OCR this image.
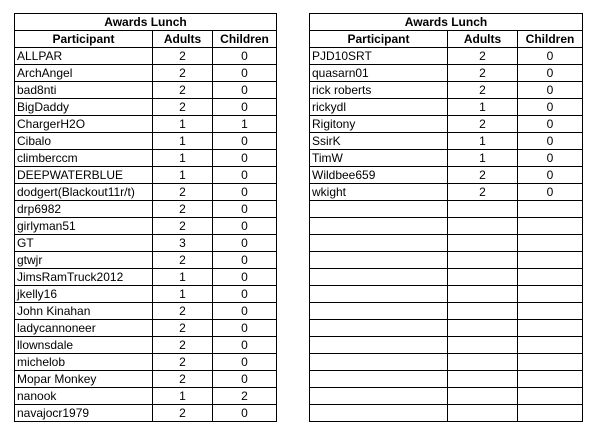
Awards Lunch		
Participant	Adults	Children
ALLPAR	2	0
ArchAngel	2	0
bad8nti	2	0
BigDaddy	2	0
ChargerH2O	1	1
Cibalo	1	0
climberccm	1	0
DEEPWATERBLUE	1	0
dodgert(Blackout11r/t)	2	0
drp6982	2	0
girlyman51	2	0
GT	3	0
gtwjr	2	0
JimsRamTruck2012	1	0
jkelly16	1	0
John Kinahan	2	0
ladycannoneer	2	0
llownsdale	2	0
michelob	2	0
Mopar Monkey	2	0
nanook	1	2
navajocr1979	2	0
Awards Lunch		
Participant	Adults	Children
PJD10SRT	2	0
quasarn01	2	0
rick roberts	2	0
rickydl	1	0
Rigitony	2	0
SsirK	1	0
TimW	1	0
Wildbee659	2	0
wkight	2	0
